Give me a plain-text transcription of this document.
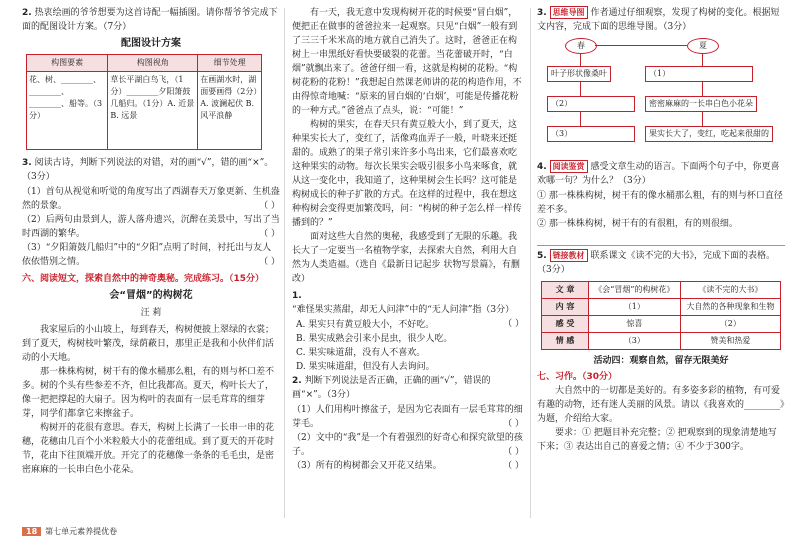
2. 热衷绘画的爷爷想要为这首诗配一幅插图。请你帮爷爷完成下面的配图设计方案。（7分）

配图设计方案
构图要素	构图视角	细节处理
花、树、________、________、________、船等。（3分）	草长平湖白鸟飞，（1分）________夕阳箫鼓几船归。（1分）A. 近景 B. 远景	在画湖水时，湖面要画得（2分）A. 波澜起伏 B. 风平浪静

3. 阅读古诗，判断下列说法的对错，对的画“√”，错的画“×”。（3分）

（1）首句从视觉和听觉的角度写出了西湖春天万象更新、生机盎然的景象。	（ ）

（2）后两句由景到人，游人落舟遗兴，沉醉在美景中，写出了当时西湖的繁华。	（ ）

（3）“夕阳箫鼓几船归”中的“夕阳”点明了时间，衬托出与友人依依惜别之情。	（ ）

六、阅读短文，探索自然中的神奇奥秘。完成练习。（15分）

会“冒烟”的构树花
汪 莉

我家屋后的小山坡上，每到春天，构树便披上翠绿的衣裳；到了夏天，构树枝叶繁茂，绿荫蔽日，那里正是我和小伙伴们活动的小天地。

那一株株构树，树干有的像水桶那么粗，有的则与杯口差不多。树的个头有些参差不齐，但比我都高。夏天，构叶长大了，像一把把撑起的大扇子。因为构叶的表面有一层毛茸茸的细芽芽，同学们都拿它来擦盆子。

构树开的花很有意思。春天，构树上长满了一长串一串的花穗，花穗由几百个小米粒般大小的花蕾组成。到了夏天的开花时节，花由下往顶端开放。开完了的花穗像一条条的毛毛虫，是密密麻麻的一长串白色小花朵。

有一天，我无意中发现构树开花的时候要“冒白烟”，便把正在做事的爸爸拉来一起观察。只见“白烟”一般有到了三三千米米高的地方就自己消失了。这时，爸爸正在构树上一串黑纸好看快要破裂的花蕾。当花蕾破开时，“白烟”就飘出来了。爸爸仔细一看，这就是构树的花粉。“构树花粉的花粉！”我想起自然课老师讲的花的构造作用，不由得惊奇地喊：“原来的冒白烟的‘白烟’，可能是传播花粉的一种方式。”爸爸点了点头，说：“可能！”

构树的果实，在春天只有黄豆般大小，到了夏天，这种果实长大了，变红了，活像鸡血弄子一般，叶晓来还挺甜的。成熟了的果子常引来许多小鸟出来，它们最喜欢吃这种果实的动物。每次长果实会吸引很多小鸟来啄食，就从这一变化中，我知道了，这种果树会生长吗？这可能是构树成长的种子扩散的方式。在这样的过程中，我在想这种构树会变得更加繁茂吗，问：“构树的种子怎么样一样传播到的？”

面对这些大自然的奥秘，我感受到了无限的乐趣。我长大了一定要当一名植物学家，去探索大自然，利用大自然为人类造福。（选自《最新日记起步 状物写景篇》，有删改）

1. “难怪果实蒸甜，却无人问津”中的“无人问津”指（3分）
（ ）

A. 果实只有黄豆般大小，不好吃。

B. 果实成熟会引来小昆虫，很少人吃。

C. 果实味道甜，没有人不喜欢。

D. 果实味道甜，但没有人去询问。

2. 判断下列说法是否正确，正确的画“√”，错误的画“×”。（3分）

（1）人们用构叶擦盆子，是因为它表面有一层毛茸茸的细芽毛。	（ ）

（2）文中的“我”是一个有着强烈的好奇心和探究欲望的孩子。	（ ）

（3）所有的构树都会又开花又结果。	（ ）

3. 思维导图 作者通过仔细观察，发现了构树的变化。根据短文内容，完成下面的思维导图。（3分）

春	夏
叶子形状像桑叶	（1）
（2）	密密麻麻的一长串白色小花朵
（3）	果实长大了，变红，吃起来很甜的

4. 阅读鉴赏 感受文章生动的语言。下面两个句子中，你更喜欢哪一句？为什么？（3分）

① 那一株株构树，树干有的像水桶那么粗，有的则与杯口直径差不多。

② 那一株株构树，树干有的有很粗，有的则很细。

5. 链接教材 联系课文《读不完的大书》，完成下面的表格。（3分）

文 章	《会“冒烟”的构树花》	《读不完的大书》
内 容	（1）	大自然的各种现象和生物
感 受	惊喜	（2）
情 感	（3）	赞美和热爱
活动四：观察自然，留存无限美好

七、习作。（30分）

大自然中的一切都是美好的。有多姿多彩的植物，有可爱有趣的动物，还有迷人美丽的风景。请以《我喜欢的________》为题，介绍给大家。

要求：① 把题目补充完整；② 把观察到的现象清楚地写下来；③ 表达出自己的喜爱之情；④ 不少于300字。

18 第七单元素养提优卷
